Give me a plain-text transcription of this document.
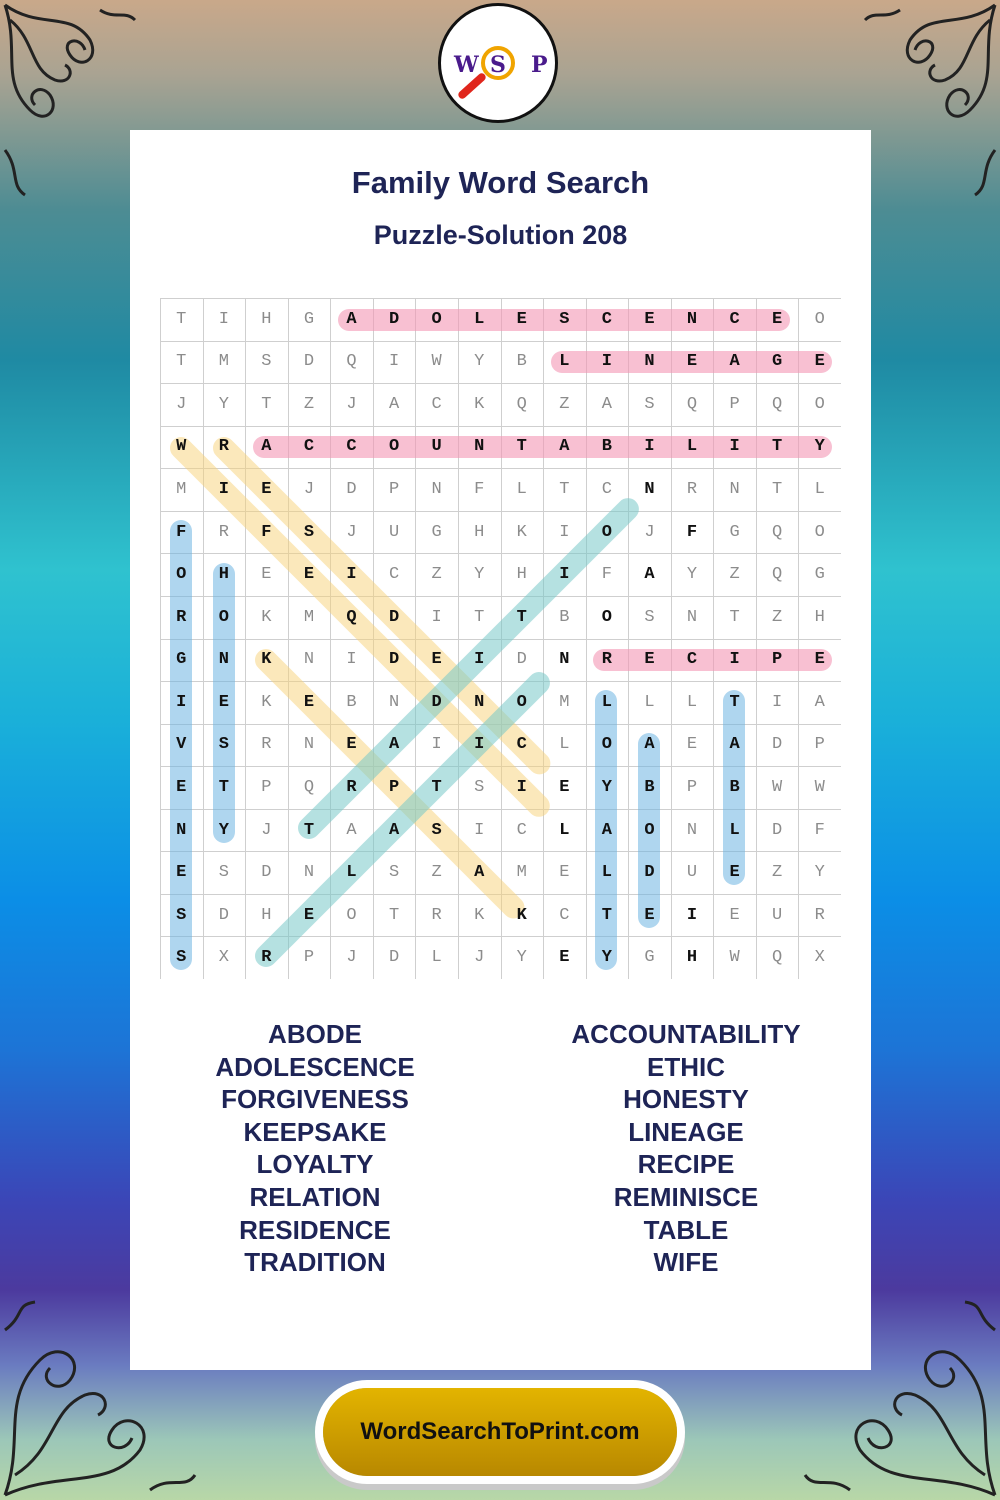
W S P
Family Word Search
Puzzle-Solution 208
T	I	H	G	A	D	O	L	E	S	C	E	N	C	E	O
T	M	S	D	Q	I	W	Y	B	L	I	N	E	A	G	E
J	Y	T	Z	J	A	C	K	Q	Z	A	S	Q	P	Q	O
W	R	A	C	C	O	U	N	T	A	B	I	L	I	T	Y
M	I	E	J	D	P	N	F	L	T	C	N	R	N	T	L
F	R	F	S	J	U	G	H	K	I	O	J	F	G	Q	O
O	H	E	E	I	C	Z	Y	H	I	F	A	Y	Z	Q	G
R	O	K	M	Q	D	I	T	T	B	O	S	N	T	Z	H
G	N	K	N	I	D	E	I	D	N	R	E	C	I	P	E
I	E	K	E	B	N	D	N	O	M	L	L	L	T	I	A
V	S	R	N	E	A	I	I	C	L	O	A	E	A	D	P
E	T	P	Q	R	P	T	S	I	E	Y	B	P	B	W	W
N	Y	J	T	A	A	S	I	C	L	A	O	N	L	D	F
E	S	D	N	L	S	Z	A	M	E	L	D	U	E	Z	Y
S	D	H	E	O	T	R	K	K	C	T	E	I	E	U	R
S	X	R	P	J	D	L	J	Y	E	Y	G	H	W	Q	X
ABODE
ADOLESCENCE
FORGIVENESS
KEEPSAKE
LOYALTY
RELATION
RESIDENCE
TRADITION
ACCOUNTABILITY
ETHIC
HONESTY
LINEAGE
RECIPE
REMINISCE
TABLE
WIFE
WordSearchToPrint.com
